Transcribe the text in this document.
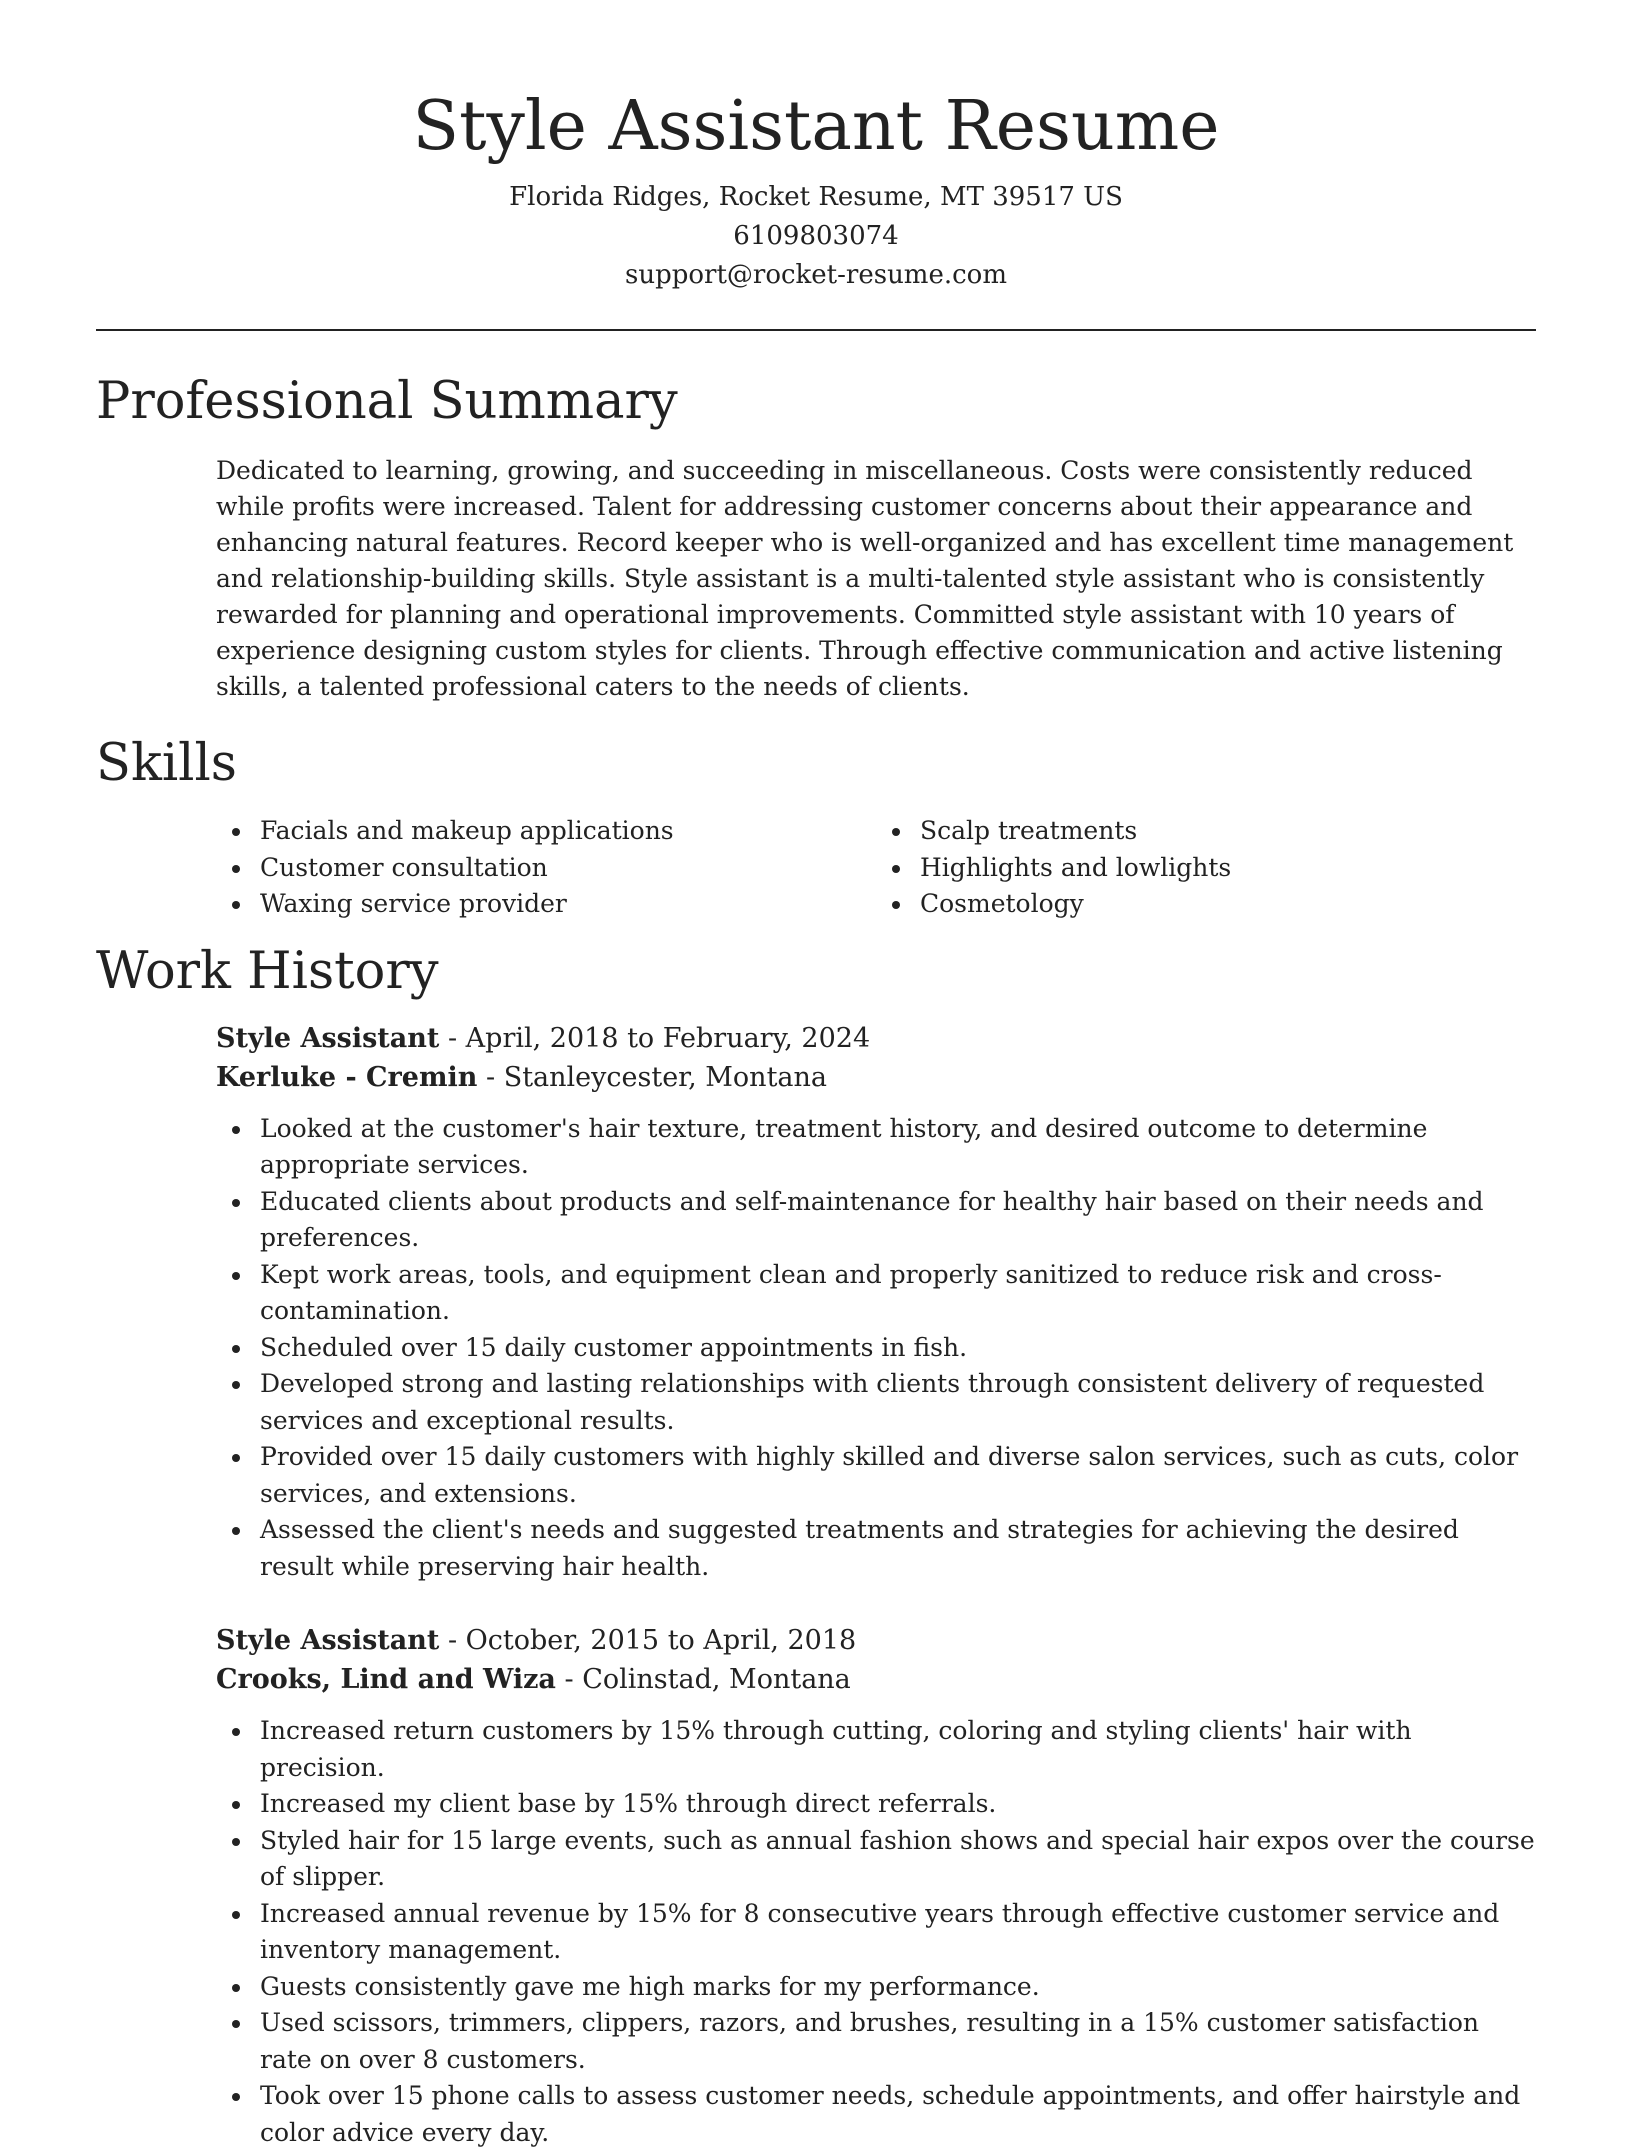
Style Assistant Resume

Florida Ridges, Rocket Resume, MT 39517 US

6109803074

support@rocket-resume.com

Professional Summary

Dedicated to learning, growing, and succeeding in miscellaneous. Costs were consistently reduced while profits were increased. Talent for addressing customer concerns about their appearance and enhancing natural features. Record keeper who is well-organized and has excellent time management and relationship-building skills. Style assistant is a multi-talented style assistant who is consistently rewarded for planning and operational improvements. Committed style assistant with 10 years of experience designing custom styles for clients. Through effective communication and active listening skills, a talented professional caters to the needs of clients.

Skills
Facials and makeup applications
Customer consultation
Waxing service provider
Scalp treatments
Highlights and lowlights
Cosmetology
Work History

Style Assistant - April, 2018 to February, 2024

Kerluke - Cremin - Stanleycester, Montana

Looked at the customer's hair texture, treatment history, and desired outcome to determine appropriate services.
Educated clients about products and self-maintenance for healthy hair based on their needs and preferences.
Kept work areas, tools, and equipment clean and properly sanitized to reduce risk and cross-contamination.
Scheduled over 15 daily customer appointments in fish.
Developed strong and lasting relationships with clients through consistent delivery of requested services and exceptional results.
Provided over 15 daily customers with highly skilled and diverse salon services, such as cuts, color services, and extensions.
Assessed the client's needs and suggested treatments and strategies for achieving the desired result while preserving hair health.

Style Assistant - October, 2015 to April, 2018

Crooks, Lind and Wiza - Colinstad, Montana

Increased return customers by 15% through cutting, coloring and styling clients' hair with precision.
Increased my client base by 15% through direct referrals.
Styled hair for 15 large events, such as annual fashion shows and special hair expos over the course of slipper.
Increased annual revenue by 15% for 8 consecutive years through effective customer service and inventory management.
Guests consistently gave me high marks for my performance.
Used scissors, trimmers, clippers, razors, and brushes, resulting in a 15% customer satisfaction rate on over 8 customers.
Took over 15 phone calls to assess customer needs, schedule appointments, and offer hairstyle and color advice every day.
